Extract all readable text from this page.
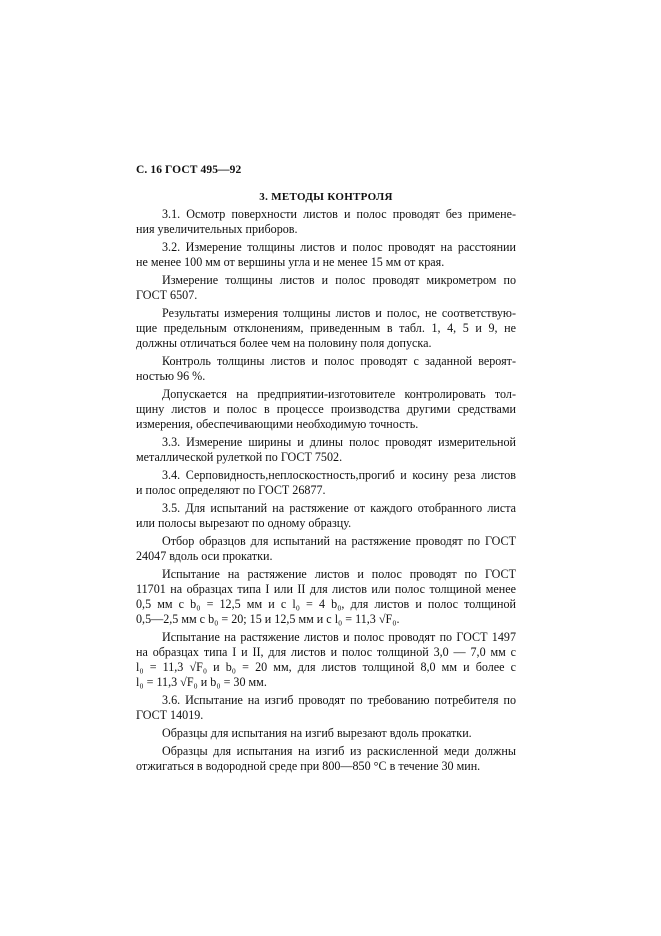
С. 16 ГОСТ 495—92
3. МЕТОДЫ КОНТРОЛЯ

3.1. Осмотр поверхности листов и полос проводят без примене-
ния увеличительных приборов.

3.2. Измерение толщины листов и полос проводят на расстоянии
не менее 100 мм от вершины угла и не менее 15 мм от края.

Измерение толщины листов и полос проводят микрометром по
ГОСТ 6507.

Результаты измерения толщины листов и полос, не соответствую-
щие предельным отклонениям, приведенным в табл. 1, 4, 5 и 9, не
должны отличаться более чем на половину поля допуска.

Контроль толщины листов и полос проводят с заданной вероят-
ностью 96 %.

Допускается на предприятии-изготовителе контролировать тол-
щину листов и полос в процессе производства другими средствами
измерения, обеспечивающими необходимую точность.

3.3. Измерение ширины и длины полос проводят измерительной
металлической рулеткой по ГОСТ 7502.

3.4. Серповидность,неплоскостность,прогиб и косину реза листов
и полос определяют по ГОСТ 26877.

3.5. Для испытаний на растяжение от каждого отобранного листа
или полосы вырезают по одному образцу.

Отбор образцов для испытаний на растяжение проводят по ГОСТ
24047 вдоль оси прокатки.

Испытание на растяжение листов и полос проводят по ГОСТ
11701 на образцах типа I или II для листов или полос толщиной менее
0,5 мм с b₀ = 12,5 мм и с l₀ = 4 b₀, для листов и полос толщиной
0,5—2,5 мм с b₀ = 20; 15 и 12,5 мм и с l₀ = 11,3 √F₀.

Испытание на растяжение листов и полос проводят по ГОСТ 1497
на образцах типа I и II, для листов и полос толщиной 3,0 — 7,0 мм с
l₀ = 11,3 √F₀ и b₀ = 20 мм, для листов толщиной 8,0 мм и более с
l₀ = 11,3 √F₀ и b₀ = 30 мм.

3.6. Испытание на изгиб проводят по требованию потребителя по
ГОСТ 14019.

Образцы для испытания на изгиб вырезают вдоль прокатки.

Образцы для испытания на изгиб из раскисленной меди должны
отжигаться в водородной среде при 800—850 °С в течение 30 мин.
